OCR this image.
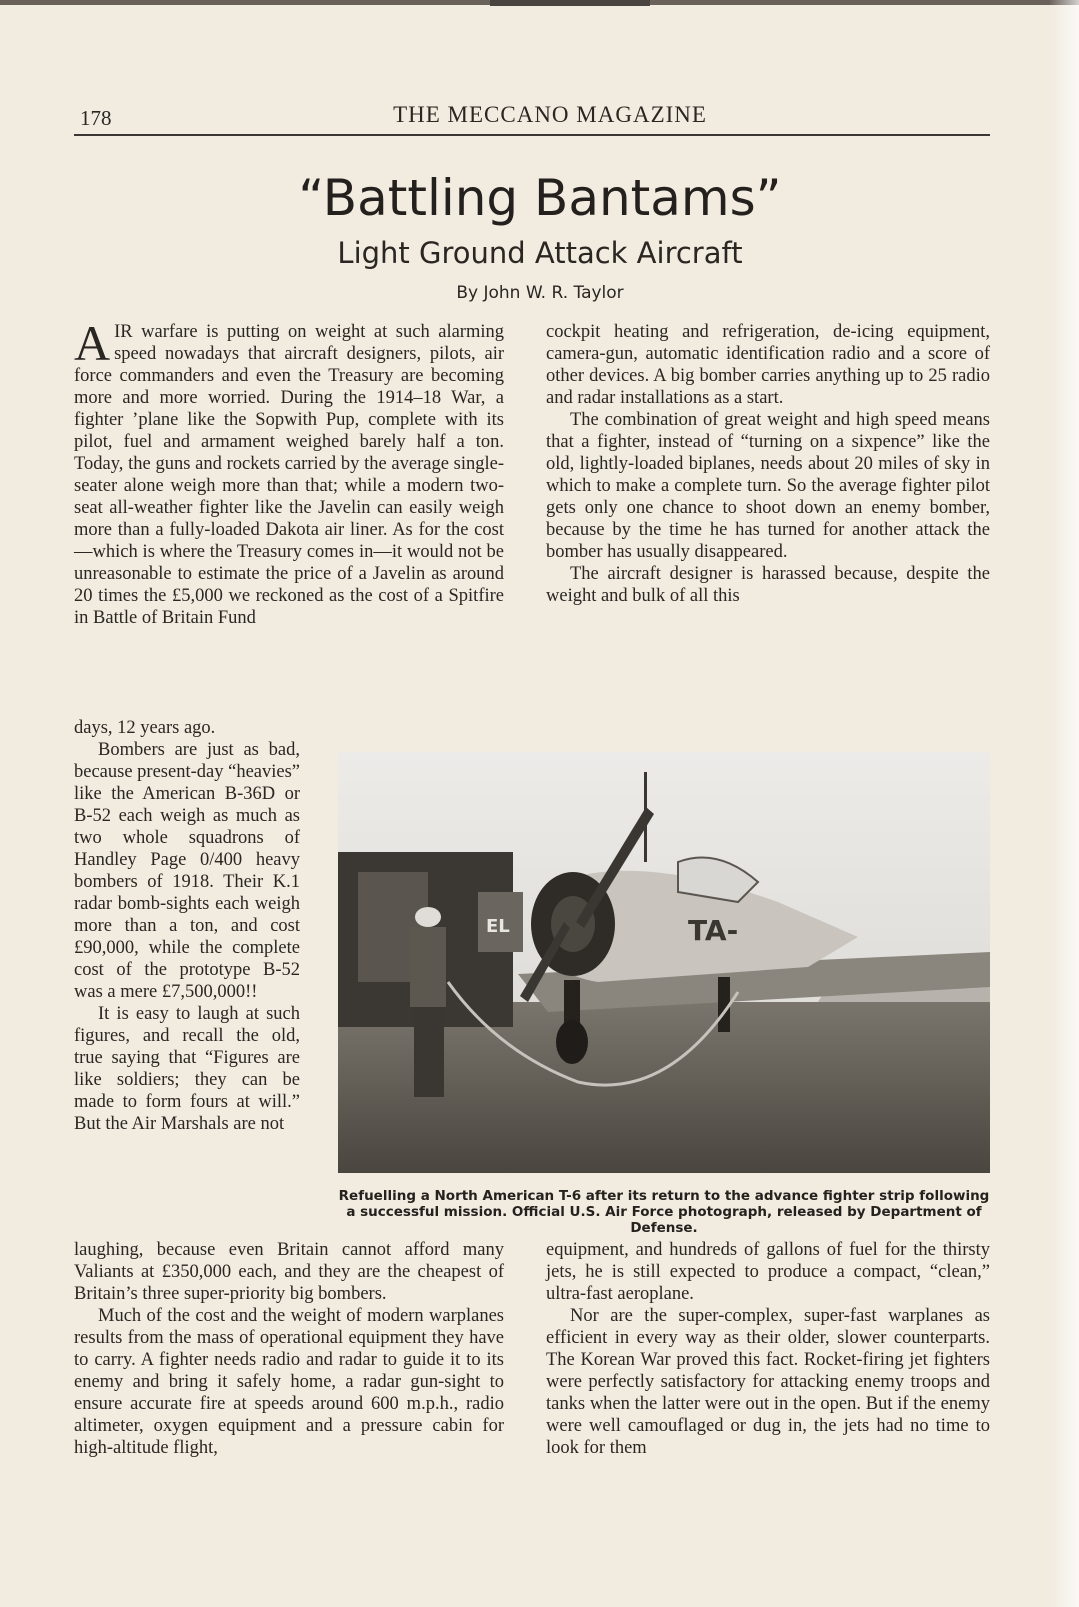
178	THE MECCANO MAGAZINE
“Battling Bantams”
Light Ground Attack Aircraft
By John W. R. Taylor

AIR warfare is putting on weight at such alarming speed nowadays that aircraft designers, pilots, air force commanders and even the Treasury are becoming more and more worried. During the 1914–18 War, a fighter ’plane like the Sopwith Pup, complete with its pilot, fuel and armament weighed barely half a ton. Today, the guns and rockets carried by the average single-seater alone weigh more than that; while a modern two-seat all-weather fighter like the Javelin can easily weigh more than a fully-loaded Dakota air liner. As for the cost—which is where the Treasury comes in—it would not be unreasonable to estimate the price of a Javelin as around 20 times the £5,000 we reckoned as the cost of a Spitfire in Battle of Britain Fund

days, 12 years ago.

Bombers are just as bad, because present-day “heavies” like the American B-36D or B-52 each weigh as much as two whole squadrons of Handley Page 0/400 heavy bombers of 1918. Their K.1 radar bomb-sights each weigh more than a ton, and cost £90,000, while the complete cost of the prototype B-52 was a mere £7,500,000!!

It is easy to laugh at such figures, and recall the old, true saying that “Figures are like soldiers; they can be made to form fours at will.” But the Air Marshals are not

laughing, because even Britain cannot afford many Valiants at £350,000 each, and they are the cheapest of Britain’s three super-priority big bombers.

Much of the cost and the weight of modern warplanes results from the mass of operational equipment they have to carry. A fighter needs radio and radar to guide it to its enemy and bring it safely home, a radar gun-sight to ensure accurate fire at speeds around 600 m.p.h., radio altimeter, oxygen equipment and a pressure cabin for high-altitude flight,

cockpit heating and refrigeration, de-icing equipment, camera-gun, automatic identification radio and a score of other devices. A big bomber carries anything up to 25 radio and radar installations as a start.

The combination of great weight and high speed means that a fighter, instead of “turning on a sixpence” like the old, lightly-loaded biplanes, needs about 20 miles of sky in which to make a complete turn. So the average fighter pilot gets only one chance to shoot down an enemy bomber, because by the time he has turned for another attack the bomber has usually disappeared.

The aircraft designer is harassed because, despite the weight and bulk of all this

TA-
EL
Refuelling a North American T-6 after its return to the advance fighter strip following a successful mission. Official U.S. Air Force photograph, released by Department of Defense.

equipment, and hundreds of gallons of fuel for the thirsty jets, he is still expected to produce a compact, “clean,” ultra-fast aeroplane.

Nor are the super-complex, super-fast warplanes as efficient in every way as their older, slower counterparts. The Korean War proved this fact. Rocket-firing jet fighters were perfectly satisfactory for attacking enemy troops and tanks when the latter were out in the open. But if the enemy were well camouflaged or dug in, the jets had no time to look for them
